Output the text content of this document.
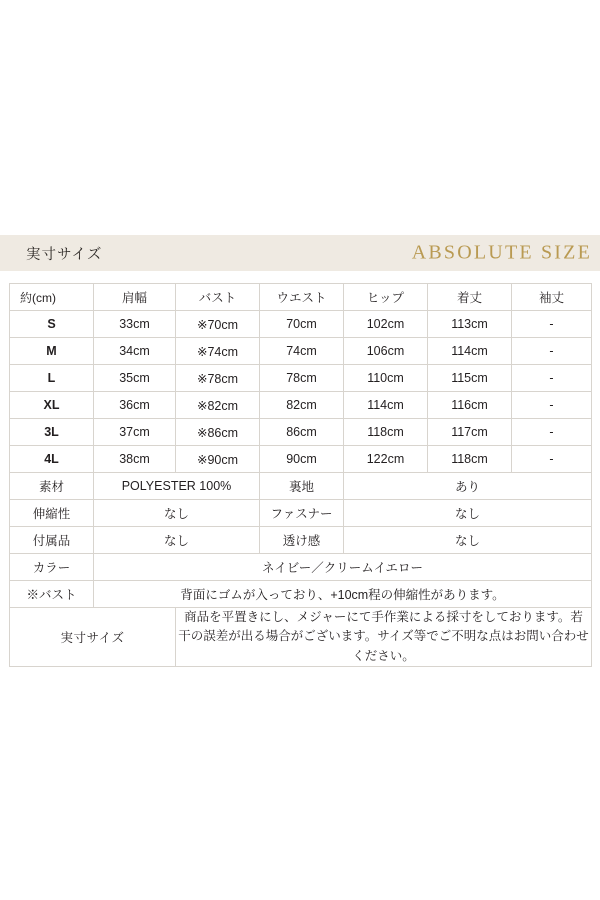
実寸サイズ	ABSOLUTE SIZE
約(cm)	肩幅	バスト	ウエスト	ヒップ	着丈	袖丈
S	33cm	※70cm	70cm	102cm	113cm	-
M	34cm	※74cm	74cm	106cm	114cm	-
L	35cm	※78cm	78cm	110cm	115cm	-
XL	36cm	※82cm	82cm	114cm	116cm	-
3L	37cm	※86cm	86cm	118cm	117cm	-
4L	38cm	※90cm	90cm	122cm	118cm	-
素材	POLYESTER 100%		裏地	あり		
伸縮性	なし		ファスナー	なし		
付属品	なし		透け感	なし		
カラー	ネイビー／クリームイエロー					
※バスト	背面にゴムが入っており、+10cm程の伸縮性があります。					
実寸サイズ		商品を平置きにし、メジャーにて手作業による採寸をしております。若干の誤差が出る場合がございます。サイズ等でご不明な点はお問い合わせください。				
